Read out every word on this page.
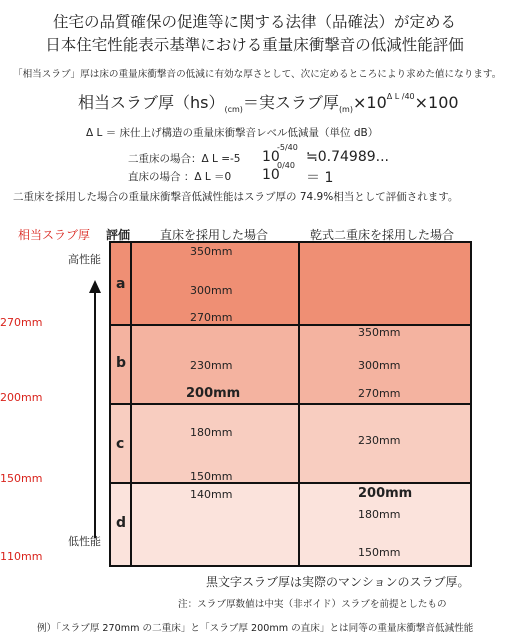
住宅の品質確保の促進等に関する法律（品確法）が定める
日本住宅性能表示基準における重量床衝撃音の低減性能評価
「相当スラブ」厚は床の重量床衝撃音の低減に有効な厚さとして、次に定めるところにより求めた値になります。
相当スラブ厚$(hs)_{(cm)}=$実スラブ厚$_{(m)}\times 10^{\Delta L /40}\times 100$
Δ L ＝ 床仕上げ構造の重量床衝撃音レベル低減量（単位 dB）
二重床の場合：Δ L =-5
-5/40
10 ≒0.74989...
直床の場合 ：Δ L ＝0
0/40
10 ＝ 1
二重床を採用した場合の重量床衝撃音低減性能はスラブ厚の 74.9%相当として評価されます。
相当スラブ厚 評価 直床を採用した場合	乾式二重床を採用した場合
高性能
低性能
270mm
200mm
150mm
110mm
a
b
c
d
350mm
300mm
270mm
230mm
200mm
180mm
150mm
140mm
350mm
300mm
270mm
230mm
200mm
180mm
150mm
黒文字スラブ厚は実際のマンションのスラブ厚。
注：スラブ厚数値は中実（非ボイド）スラブを前提としたもの
例）「スラブ厚 270mm の二重床」と「スラブ厚 200mm の直床」とは同等の重量床衝撃音低減性能
